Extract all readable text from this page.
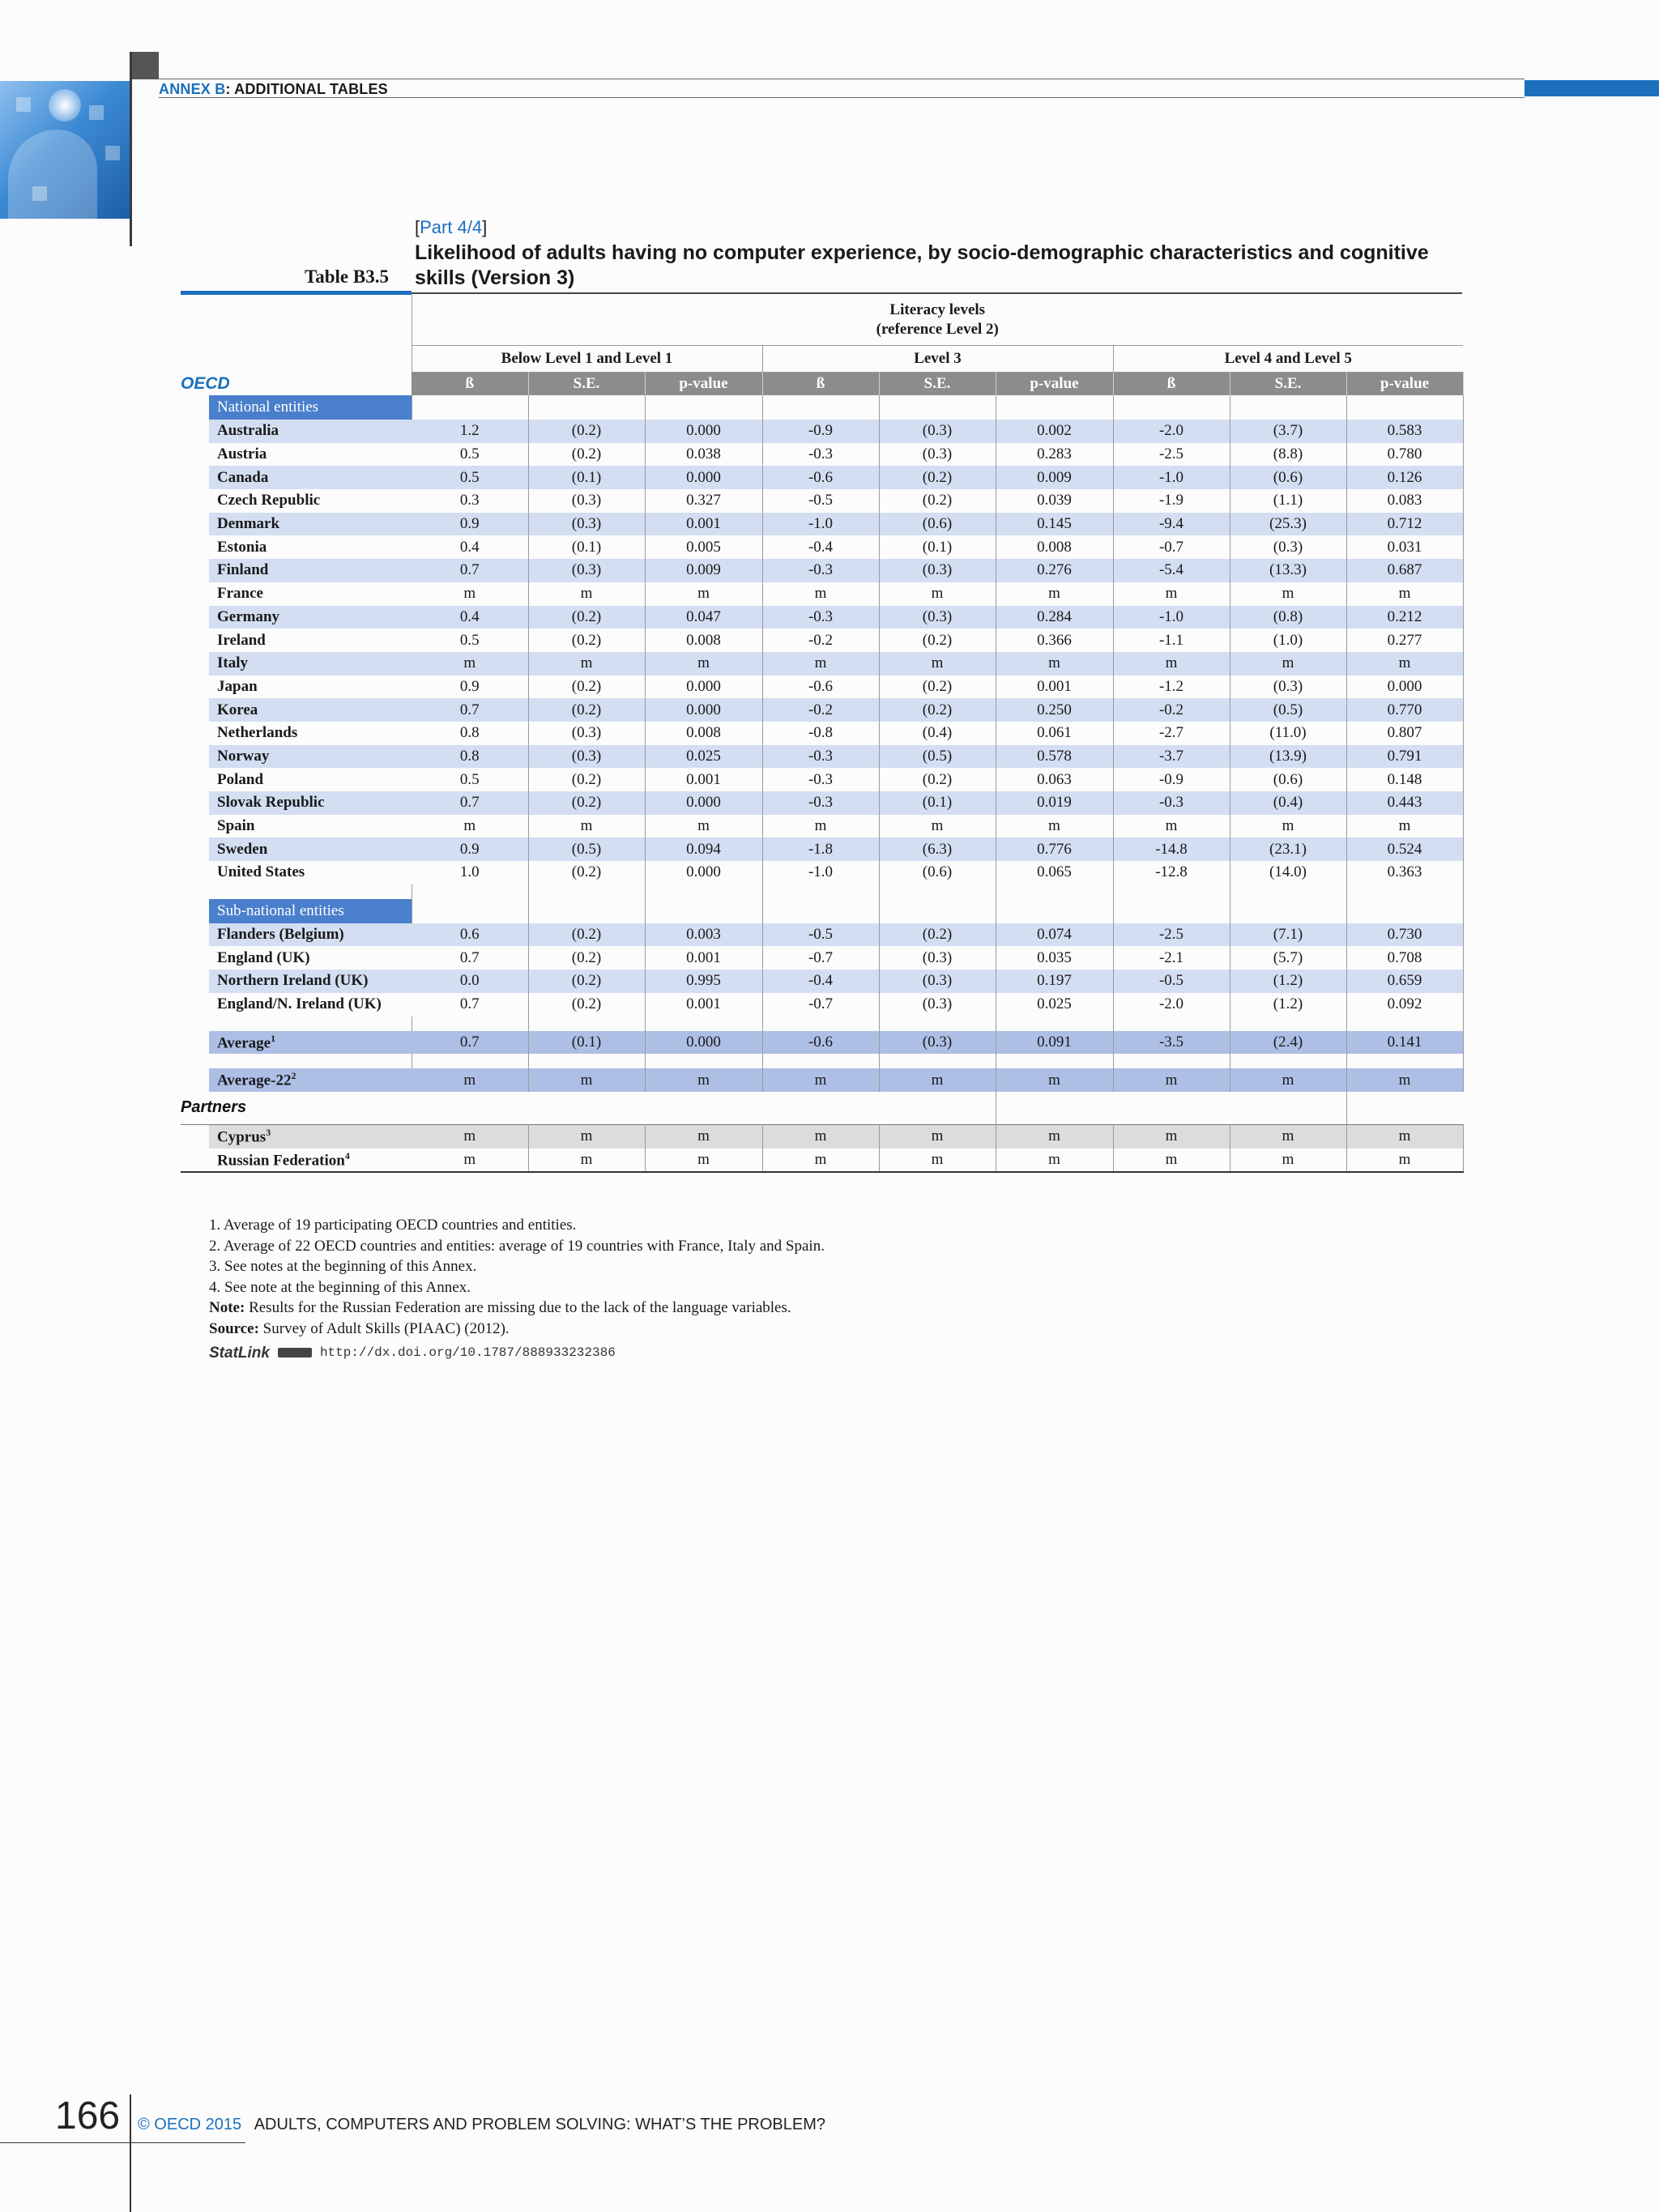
ANNEX B: ADDITIONAL TABLES
[Part 4/4]
Likelihood of adults having no computer experience, by socio-demographic characteristics and cognitive skills (Version 3)
Table B3.5
	Literacy levels
(reference Level 2)								
	Below Level 1 and Level 1			Level 3			Level 4 and Level 5		
OECD	ß	S.E.	p-value	ß	S.E.	p-value	ß	S.E.	p-value

National entities									

Australia	1.2	(0.2)	0.000	-0.9	(0.3)	0.002	-2.0	(3.7)	0.583
Austria	0.5	(0.2)	0.038	-0.3	(0.3)	0.283	-2.5	(8.8)	0.780
Canada	0.5	(0.1)	0.000	-0.6	(0.2)	0.009	-1.0	(0.6)	0.126
Czech Republic	0.3	(0.3)	0.327	-0.5	(0.2)	0.039	-1.9	(1.1)	0.083
Denmark	0.9	(0.3)	0.001	-1.0	(0.6)	0.145	-9.4	(25.3)	0.712
Estonia	0.4	(0.1)	0.005	-0.4	(0.1)	0.008	-0.7	(0.3)	0.031
Finland	0.7	(0.3)	0.009	-0.3	(0.3)	0.276	-5.4	(13.3)	0.687
France	m	m	m	m	m	m	m	m	m
Germany	0.4	(0.2)	0.047	-0.3	(0.3)	0.284	-1.0	(0.8)	0.212
Ireland	0.5	(0.2)	0.008	-0.2	(0.2)	0.366	-1.1	(1.0)	0.277
Italy	m	m	m	m	m	m	m	m	m
Japan	0.9	(0.2)	0.000	-0.6	(0.2)	0.001	-1.2	(0.3)	0.000
Korea	0.7	(0.2)	0.000	-0.2	(0.2)	0.250	-0.2	(0.5)	0.770
Netherlands	0.8	(0.3)	0.008	-0.8	(0.4)	0.061	-2.7	(11.0)	0.807
Norway	0.8	(0.3)	0.025	-0.3	(0.5)	0.578	-3.7	(13.9)	0.791
Poland	0.5	(0.2)	0.001	-0.3	(0.2)	0.063	-0.9	(0.6)	0.148
Slovak Republic	0.7	(0.2)	0.000	-0.3	(0.1)	0.019	-0.3	(0.4)	0.443
Spain	m	m	m	m	m	m	m	m	m
Sweden	0.9	(0.5)	0.094	-1.8	(6.3)	0.776	-14.8	(23.1)	0.524
United States	1.0	(0.2)	0.000	-1.0	(0.6)	0.065	-12.8	(14.0)	0.363

Sub-national entities									

Flanders (Belgium)	0.6	(0.2)	0.003	-0.5	(0.2)	0.074	-2.5	(7.1)	0.730
England (UK)	0.7	(0.2)	0.001	-0.7	(0.3)	0.035	-2.1	(5.7)	0.708
Northern Ireland (UK)	0.0	(0.2)	0.995	-0.4	(0.3)	0.197	-0.5	(1.2)	0.659
England/N. Ireland (UK)	0.7	(0.2)	0.001	-0.7	(0.3)	0.025	-2.0	(1.2)	0.092

Average$^1$	0.7	(0.1)	0.000	-0.6	(0.3)	0.091	-3.5	(2.4)	0.141

Average-$22^2$	m	m	m	m	m	m	m	m	m
Partners									
Cyprus$^3$	m	m	m	m	m	m	m	m	m
Russian Federation$^4$	m	m	m	m	m	m	m	m	m
1. Average of 19 participating OECD countries and entities.
2. Average of 22 OECD countries and entities: average of 19 countries with France, Italy and Spain.
3. See notes at the beginning of this Annex.
4. See note at the beginning of this Annex.
Note: Results for the Russian Federation are missing due to the lack of the language variables.
Source: Survey of Adult Skills (PIAAC) (2012).
StatLink	http://dx.doi.org/10.1787/888933232386
166 © OECD 2015 ADULTS, COMPUTERS AND PROBLEM SOLVING: WHAT’S THE PROBLEM?
